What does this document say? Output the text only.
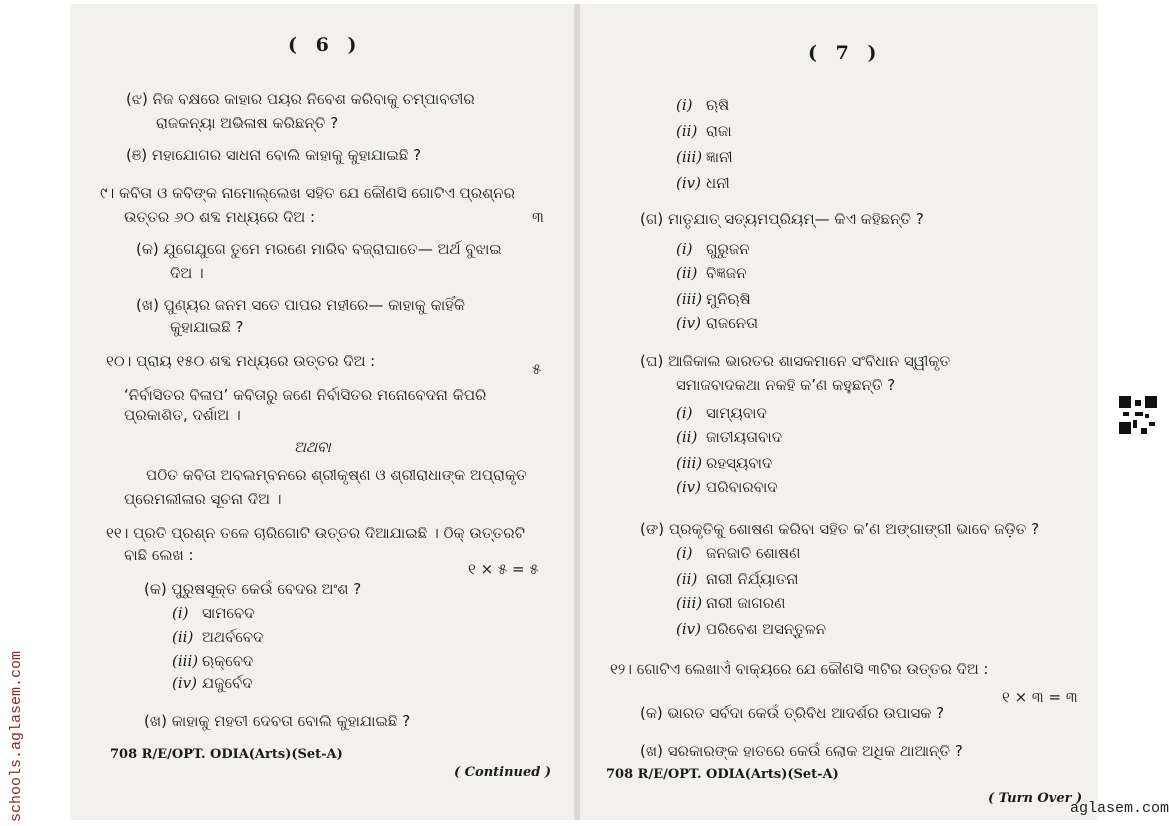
( 6 )
(ଝ) ନିଜ ବକ୍ଷରେ କାହାର ପୟର ନିବେଶ କରିବାକୁ ଚମ୍ପାବତୀର
ରାଜକନ୍ୟା ଅଭିଳାଷ କରିଛନ୍ତି ?
(ଞ) ମହାଯୋଗର ସାଧନା ବୋଲି କାହାକୁ କୁହାଯାଇଛି ?
୯। କବିତା ଓ କବିଙ୍କ ନାମୋଲ୍ଲେଖ ସହିତ ଯେ କୌଣସି ଗୋଟିଏ ପ୍ରଶ୍ନର
ଉତ୍ତର ୬୦ ଶବ୍ଦ ମଧ୍ୟରେ ଦିଅ :	୩
(କ) ଯୁଗେଯୁଗେ ତୁମେ ମରଣେ ମାରିବ ବଜ୍ରାଘାତେ— ଅର୍ଥ ବୁଝାଇ
ଦିଅ ।
(ଖ) ପୁଣ୍ୟର ଜନମ ସତେ ପାପର ମହୀରେ— କାହାକୁ କାହିଁକି
କୁହାଯାଇଛି ?
୧୦। ପ୍ରାୟ ୧୫୦ ଶବ୍ଦ ମଧ୍ୟରେ ଉତ୍ତର ଦିଅ :	୫
‘ନିର୍ବାସିତର ବିଳାପ’ କବିତାରୁ ଜଣେ ନିର୍ବାସିତର ମନୋବେଦନା କିପରି
ପ୍ରକାଶିତ, ଦର୍ଶାଅ ।
ଅଥବା
ପଠିତ କବିତା ଅବଲମ୍ବନରେ ଶ୍ରୀକୃଷ୍ଣ ଓ ଶ୍ରୀରାଧାଙ୍କ ଅପ୍ରାକୃତ
ପ୍ରେମଲୀଳାର ସୂଚନା ଦିଅ ।
୧୧। ପ୍ରତି ପ୍ରଶ୍ନ ତଳେ ଚାରିଗୋଟି ଉତ୍ତର ଦିଆଯାଇଛି । ଠିକ୍ ଉତ୍ତରଟି
ବାଛି ଲେଖ :
୧ × ୫ = ୫
(କ) ପୁରୁଷସୂକ୍ତ କେଉଁ ବେଦର ଅଂଶ ?
(i) ସାମବେଦ
(ii) ଅଥର୍ବବେଦ
(iii) ଋକ୍‌ବେଦ
(iv) ଯଜୁର୍ବେଦ
(ଖ) କାହାକୁ ମହତୀ ଦେବତା ବୋଲି କୁହାଯାଇଛି ?
708 R/E/OPT. ODIA(Arts)(Set-A)
( Continued )
( 7 )
(i) ଋଷି
(ii) ରାଜା
(iii) ଜ୍ଞାନୀ
(iv) ଧନୀ
(ଗ) ମାତୃଯାତ୍ ସତ୍ୟମପ୍ରିୟମ୍— କିଏ କହିଛନ୍ତି ?
(i) ଗୁରୁଜନ
(ii) ବିଜ୍ଞଜନ
(iii) ମୁନିଋଷି
(iv) ରାଜନେତା
(ଘ) ଆଜିକାଲ ଭାରତର ଶାସକମାନେ ସଂବିଧାନ ସ୍ୱୀକୃତ
ସମାଜବାଦକଥା ନକହି କ’ଣ କହୁଛନ୍ତି ?
(i) ସାମ୍ୟବାଦ
(ii) ଜାତୀୟତାବାଦ
(iii) ରହସ୍ୟବାଦ
(iv) ପରିବାରବାଦ
(ଙ) ପ୍ରକୃତିକୁ ଶୋଷଣ କରିବା ସହିତ କ’ଣ ଅଙ୍ଗାଙ୍ଗୀ ଭାବେ ଜଡ଼ିତ ?
(i) ଜନଜାତି ଶୋଷଣ
(ii) ନାରୀ ନିର୍ଯ୍ୟାତନା
(iii) ନାରୀ ଜାଗରଣ
(iv) ପରିବେଶ ଅସନ୍ତୁଳନ
୧୨। ଗୋଟିଏ ଲେଖାଏଁ ବାକ୍ୟରେ ଯେ କୌଣସି ୩ଟିର ଉତ୍ତର ଦିଅ :
୧ × ୩ = ୩
(କ) ଭାରତ ସର୍ବଦା କେଉଁ ତ୍ରିବିଧ ଆଦର୍ଶର ଉପାସକ ?
(ଖ) ସରକାରଙ୍କ ହାତରେ କେଉଁ ଲୋକ ଅଧିକ ଥାଆନ୍ତି ?
708 R/E/OPT. ODIA(Arts)(Set-A)
( Turn Over )
schools.aglasem.com	aglasem.com
